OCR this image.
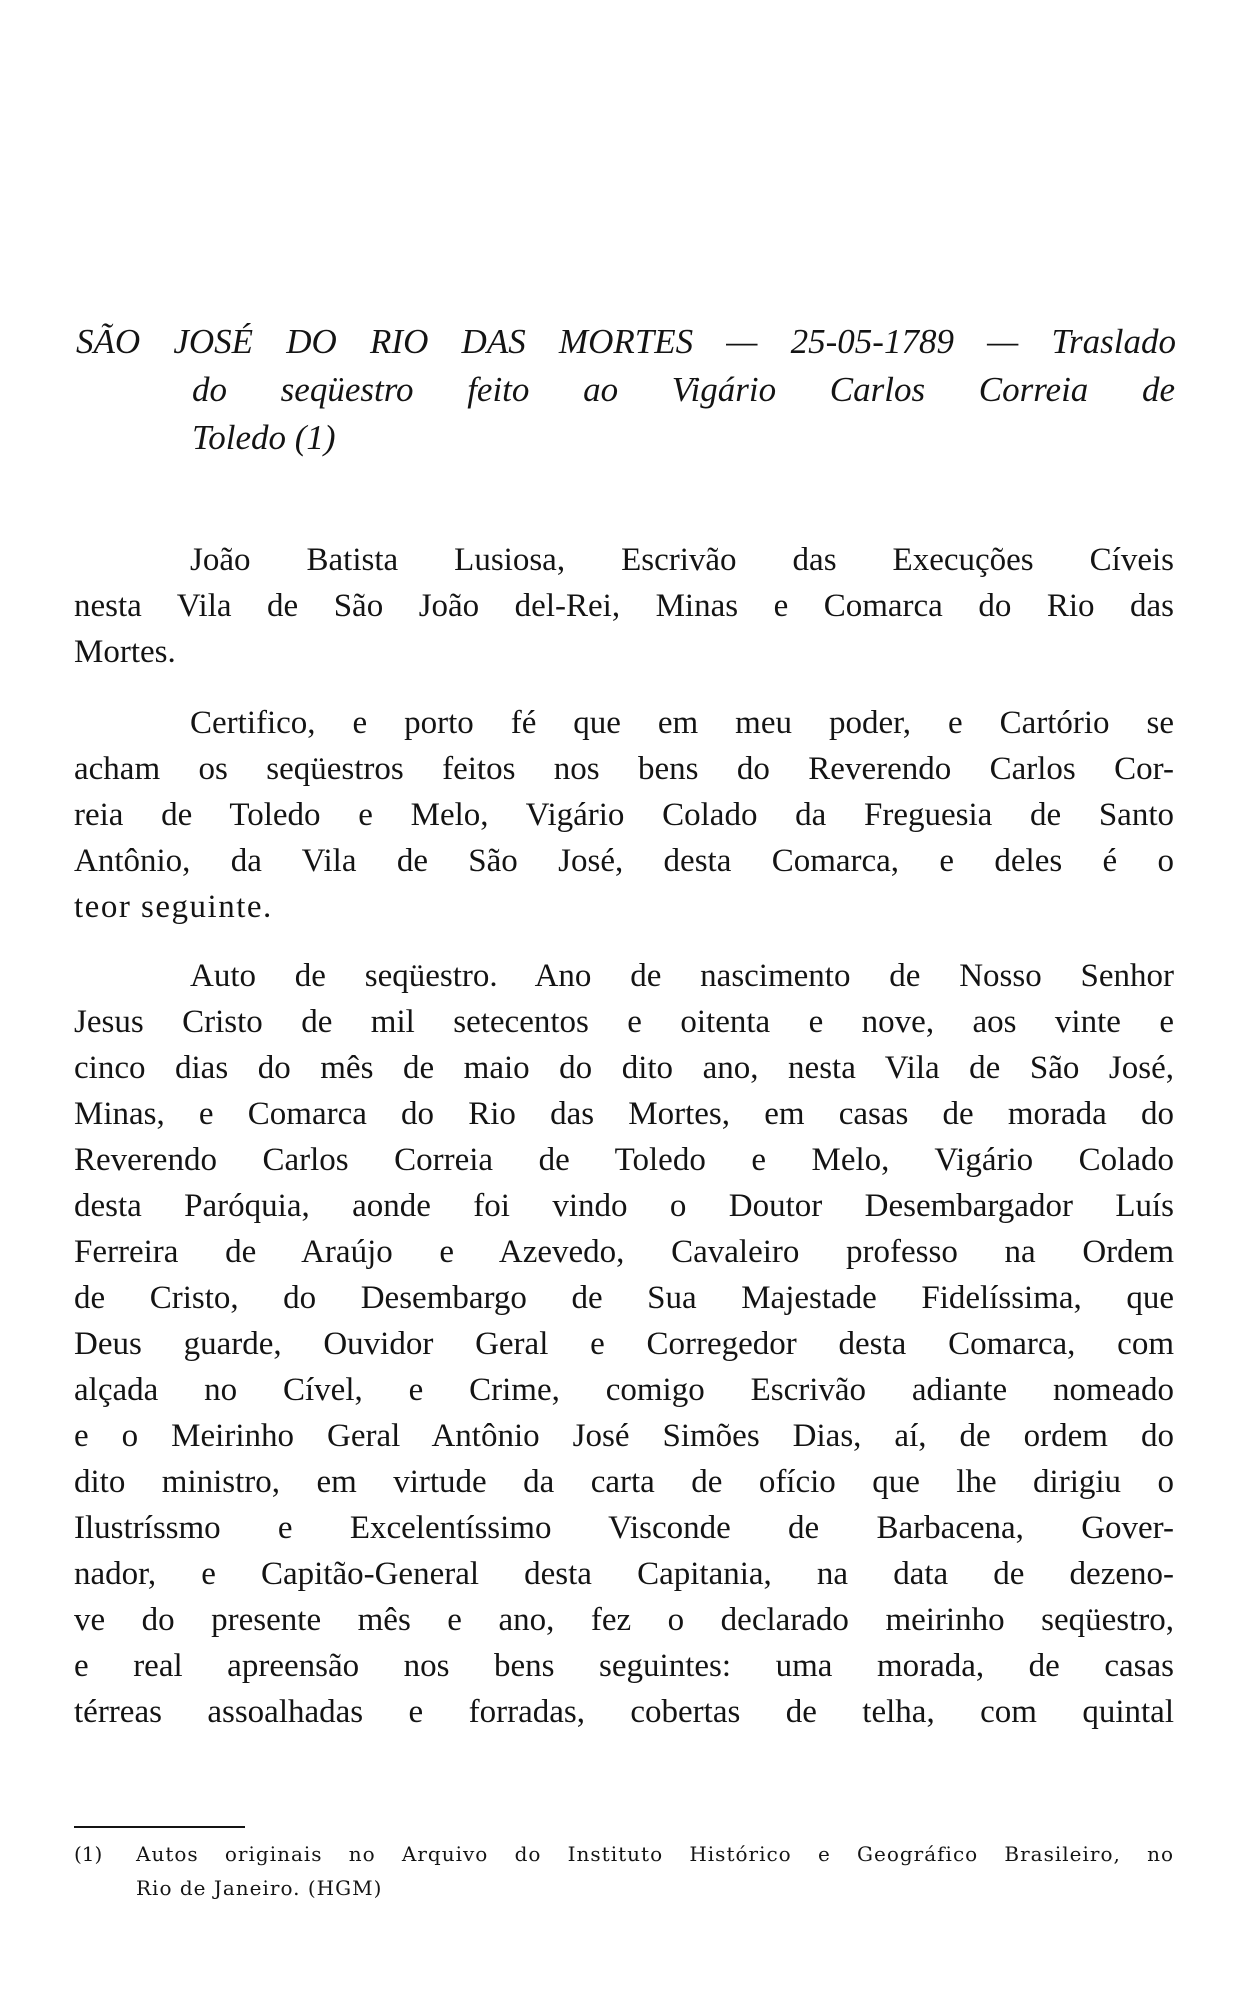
SÃO JOSÉ DO RIO DAS MORTES — 25-05-1789 — Traslado
do seqüestro feito ao Vigário Carlos Correia de
Toledo (1)
João Batista Lusiosa, Escrivão das Execuções Cíveis
nesta Vila de São João del-Rei, Minas e Comarca do Rio das
Mortes.
Certifico, e porto fé que em meu poder, e Cartório se
acham os seqüestros feitos nos bens do Reverendo Carlos Cor-
reia de Toledo e Melo, Vigário Colado da Freguesia de Santo
Antônio, da Vila de São José, desta Comarca, e deles é o
teor seguinte.
Auto de seqüestro. Ano de nascimento de Nosso Senhor
Jesus Cristo de mil setecentos e oitenta e nove, aos vinte e
cinco dias do mês de maio do dito ano, nesta Vila de São José,
Minas, e Comarca do Rio das Mortes, em casas de morada do
Reverendo Carlos Correia de Toledo e Melo, Vigário Colado
desta Paróquia, aonde foi vindo o Doutor Desembargador Luís
Ferreira de Araújo e Azevedo, Cavaleiro professo na Ordem
de Cristo, do Desembargo de Sua Majestade Fidelíssima, que
Deus guarde, Ouvidor Geral e Corregedor desta Comarca, com
alçada no Cível, e Crime, comigo Escrivão adiante nomeado
e o Meirinho Geral Antônio José Simões Dias, aí, de ordem do
dito ministro, em virtude da carta de ofício que lhe dirigiu o
Ilustríssmo e Excelentíssimo Visconde de Barbacena, Gover-
nador, e Capitão-General desta Capitania, na data de dezeno-
ve do presente mês e ano, fez o declarado meirinho seqüestro,
e real apreensão nos bens seguintes: uma morada, de casas
térreas assoalhadas e forradas, cobertas de telha, com quintal
(1)	Autos originais no Arquivo do Instituto Histórico e Geográfico Brasileiro, no
Rio de Janeiro. (HGM)
